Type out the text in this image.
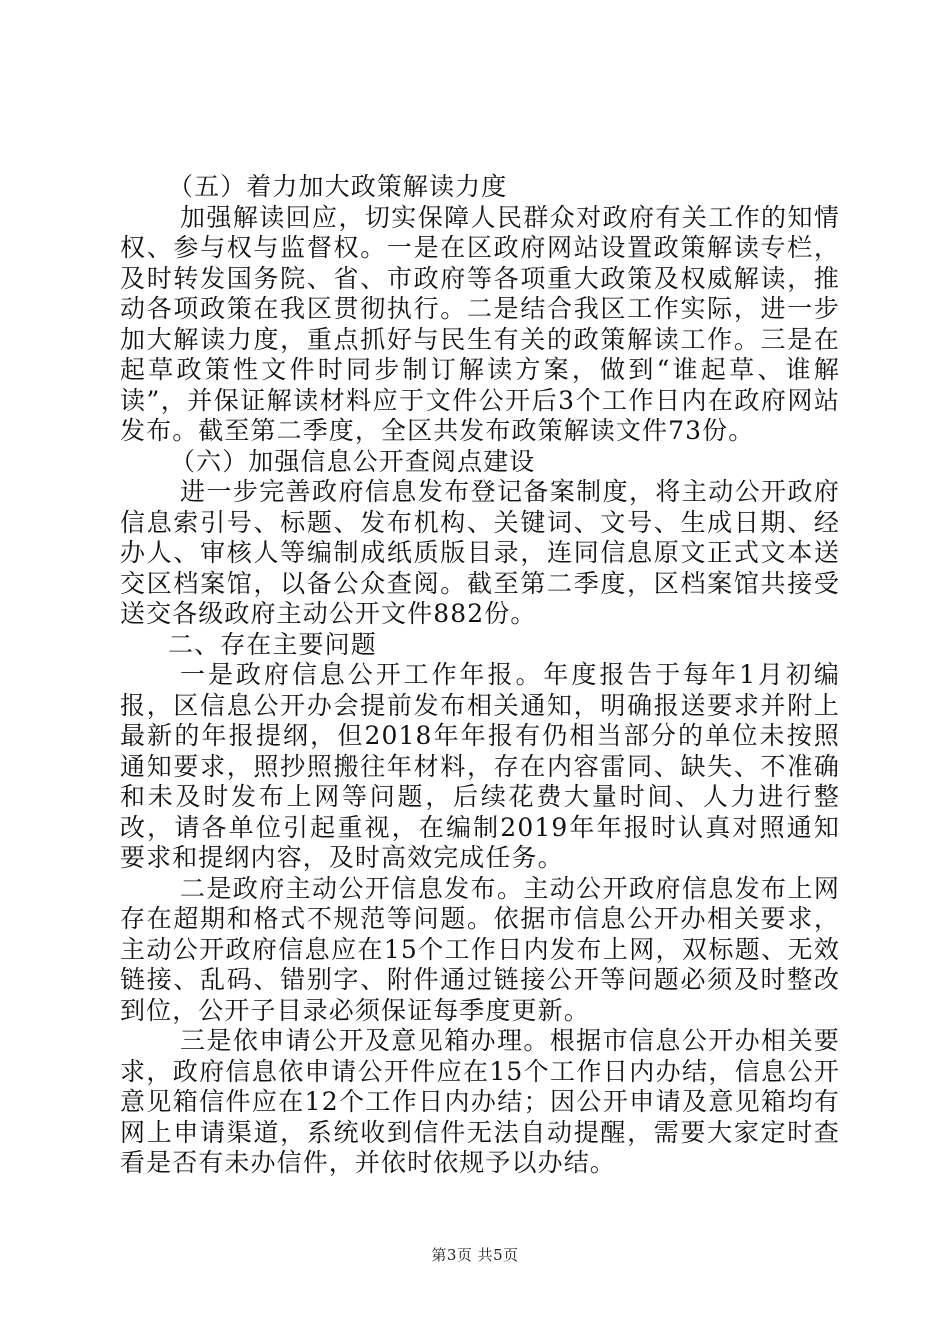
（五）着力加大政策解读力度

加强解读回应，切实保障人民群众对政府有关工作的知情权、参与权与监督权。一是在区政府网站设置政策解读专栏，及时转发国务院、省、市政府等各项重大政策及权威解读，推动各项政策在我区贯彻执行。二是结合我区工作实际，进一步加大解读力度，重点抓好与民生有关的政策解读工作。三是在起草政策性文件时同步制订解读方案，做到“谁起草、谁解读”，并保证解读材料应于文件公开后3个工作日内在政府网站发布。截至第二季度，全区共发布政策解读文件73份。

（六）加强信息公开查阅点建设

进一步完善政府信息发布登记备案制度，将主动公开政府信息索引号、标题、发布机构、关键词、文号、生成日期、经办人、审核人等编制成纸质版目录，连同信息原文正式文本送交区档案馆，以备公众查阅。截至第二季度，区档案馆共接受送交各级政府主动公开文件882份。

二、存在主要问题

一是政府信息公开工作年报。年度报告于每年1月初编报，区信息公开办会提前发布相关通知，明确报送要求并附上最新的年报提纲，但2018年年报有仍相当部分的单位未按照通知要求，照抄照搬往年材料，存在内容雷同、缺失、不准确和未及时发布上网等问题，后续花费大量时间、人力进行整改，请各单位引起重视，在编制2019年年报时认真对照通知要求和提纲内容，及时高效完成任务。

二是政府主动公开信息发布。主动公开政府信息发布上网存在超期和格式不规范等问题。依据市信息公开办相关要求，主动公开政府信息应在15个工作日内发布上网，双标题、无效链接、乱码、错别字、附件通过链接公开等问题必须及时整改到位，公开子目录必须保证每季度更新。

三是依申请公开及意见箱办理。根据市信息公开办相关要求，政府信息依申请公开件应在15个工作日内办结，信息公开意见箱信件应在12个工作日内办结；因公开申请及意见箱均有网上申请渠道，系统收到信件无法自动提醒，需要大家定时查看是否有未办信件，并依时依规予以办结。

第3页 共5页
